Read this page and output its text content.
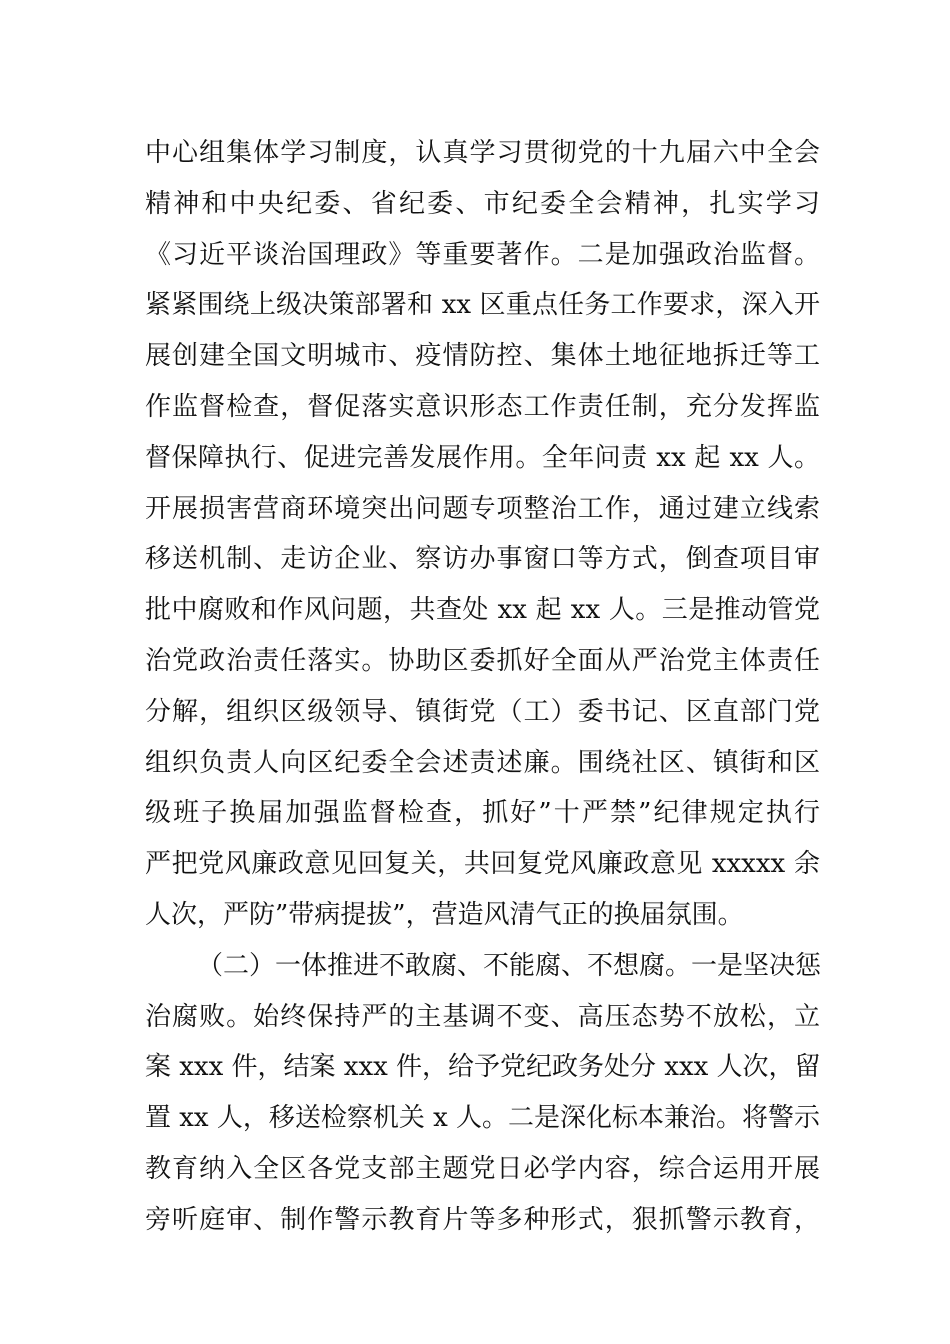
中心组集体学习制度，认真学习贯彻党的十九届六中全会
精神和中央纪委、省纪委、市纪委全会精神，扎实学习
《习近平谈治国理政》等重要著作。二是加强政治监督。
紧紧围绕上级决策部署和 xx 区重点任务工作要求，深入开
展创建全国文明城市、疫情防控、集体土地征地拆迁等工
作监督检查，督促落实意识形态工作责任制，充分发挥监
督保障执行、促进完善发展作用。全年问责 xx 起 xx 人。
开展损害营商环境突出问题专项整治工作，通过建立线索
移送机制、走访企业、察访办事窗口等方式，倒查项目审
批中腐败和作风问题，共查处 xx 起 xx 人。三是推动管党
治党政治责任落实。协助区委抓好全面从严治党主体责任
分解，组织区级领导、镇街党（工）委书记、区直部门党
组织负责人向区纪委全会述责述廉。围绕社区、镇街和区
级班子换届加强监督检查，抓好”十严禁”纪律规定执行
严把党风廉政意见回复关，共回复党风廉政意见 xxxxx 余
人次，严防”带病提拔”，营造风清气正的换届氛围。
（二）一体推进不敢腐、不能腐、不想腐。一是坚决惩
治腐败。始终保持严的主基调不变、高压态势不放松，立
案 xxx 件，结案 xxx 件，给予党纪政务处分 xxx 人次，留
置 xx 人，移送检察机关 x 人。二是深化标本兼治。将警示
教育纳入全区各党支部主题党日必学内容，综合运用开展
旁听庭审、制作警示教育片等多种形式，狠抓警示教育，
